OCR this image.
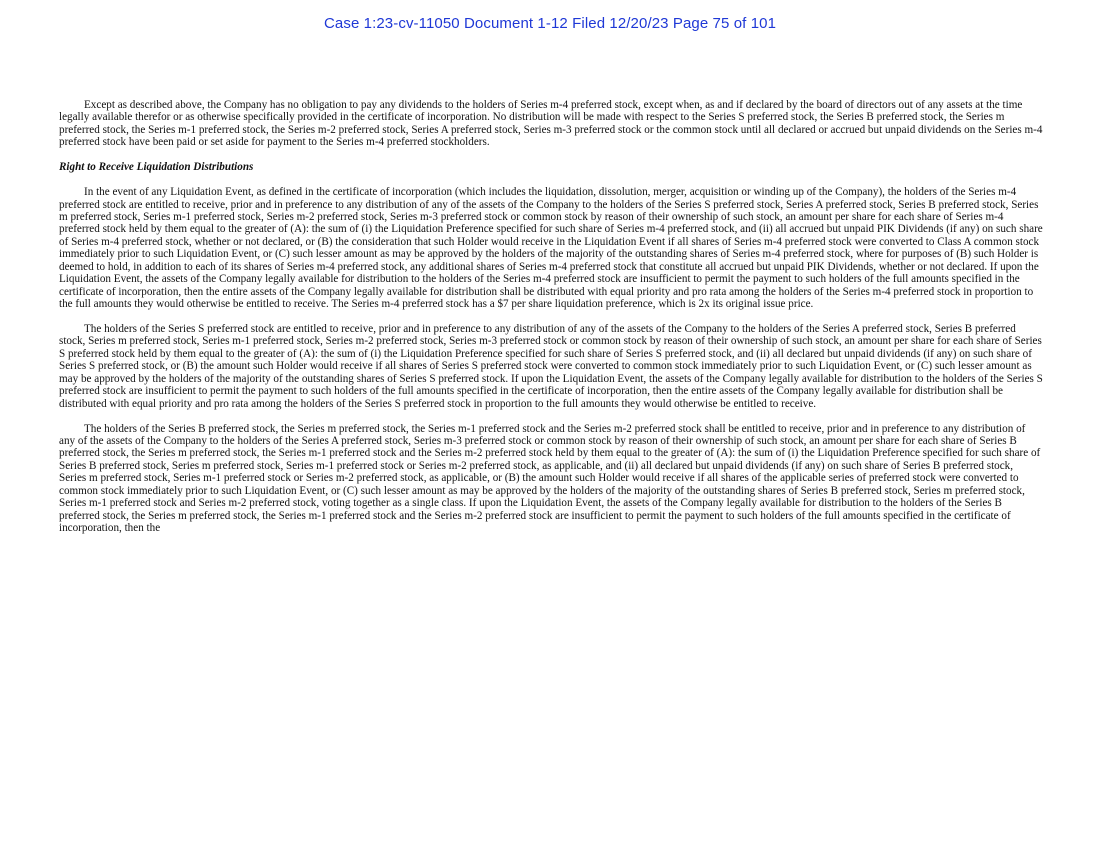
Case 1:23-cv-11050 Document 1-12 Filed 12/20/23 Page 75 of 101

Except as described above, the Company has no obligation to pay any dividends to the holders of Series m-4 preferred stock, except when, as and if declared by the board of directors out of any assets at the time legally available therefor or as otherwise specifically provided in the certificate of incorporation. No distribution will be made with respect to the Series S preferred stock, the Series B preferred stock, the Series m preferred stock, the Series m-1 preferred stock, the Series m-2 preferred stock, Series A preferred stock, Series m-3 preferred stock or the common stock until all declared or accrued but unpaid dividends on the Series m-4 preferred stock have been paid or set aside for payment to the Series m-4 preferred stockholders.

Right to Receive Liquidation Distributions

In the event of any Liquidation Event, as defined in the certificate of incorporation (which includes the liquidation, dissolution, merger, acquisition or winding up of the Company), the holders of the Series m-4 preferred stock are entitled to receive, prior and in preference to any distribution of any of the assets of the Company to the holders of the Series S preferred stock, Series A preferred stock, Series B preferred stock, Series m preferred stock, Series m-1 preferred stock, Series m-2 preferred stock, Series m-3 preferred stock or common stock by reason of their ownership of such stock, an amount per share for each share of Series m-4 preferred stock held by them equal to the greater of (A): the sum of (i) the Liquidation Preference specified for such share of Series m-4 preferred stock, and (ii) all accrued but unpaid PIK Dividends (if any) on such share of Series m-4 preferred stock, whether or not declared, or (B) the consideration that such Holder would receive in the Liquidation Event if all shares of Series m-4 preferred stock were converted to Class A common stock immediately prior to such Liquidation Event, or (C) such lesser amount as may be approved by the holders of the majority of the outstanding shares of Series m-4 preferred stock, where for purposes of (B) such Holder is deemed to hold, in addition to each of its shares of Series m-4 preferred stock, any additional shares of Series m-4 preferred stock that constitute all accrued but unpaid PIK Dividends, whether or not declared. If upon the Liquidation Event, the assets of the Company legally available for distribution to the holders of the Series m-4 preferred stock are insufficient to permit the payment to such holders of the full amounts specified in the certificate of incorporation, then the entire assets of the Company legally available for distribution shall be distributed with equal priority and pro rata among the holders of the Series m-4 preferred stock in proportion to the full amounts they would otherwise be entitled to receive. The Series m-4 preferred stock has a $7 per share liquidation preference, which is 2x its original issue price.

The holders of the Series S preferred stock are entitled to receive, prior and in preference to any distribution of any of the assets of the Company to the holders of the Series A preferred stock, Series B preferred stock, Series m preferred stock, Series m-1 preferred stock, Series m-2 preferred stock, Series m-3 preferred stock or common stock by reason of their ownership of such stock, an amount per share for each share of Series S preferred stock held by them equal to the greater of (A): the sum of (i) the Liquidation Preference specified for such share of Series S preferred stock, and (ii) all declared but unpaid dividends (if any) on such share of Series S preferred stock, or (B) the amount such Holder would receive if all shares of Series S preferred stock were converted to common stock immediately prior to such Liquidation Event, or (C) such lesser amount as may be approved by the holders of the majority of the outstanding shares of Series S preferred stock. If upon the Liquidation Event, the assets of the Company legally available for distribution to the holders of the Series S preferred stock are insufficient to permit the payment to such holders of the full amounts specified in the certificate of incorporation, then the entire assets of the Company legally available for distribution shall be distributed with equal priority and pro rata among the holders of the Series S preferred stock in proportion to the full amounts they would otherwise be entitled to receive.

The holders of the Series B preferred stock, the Series m preferred stock, the Series m-1 preferred stock and the Series m-2 preferred stock shall be entitled to receive, prior and in preference to any distribution of any of the assets of the Company to the holders of the Series A preferred stock, Series m-3 preferred stock or common stock by reason of their ownership of such stock, an amount per share for each share of Series B preferred stock, the Series m preferred stock, the Series m-1 preferred stock and the Series m-2 preferred stock held by them equal to the greater of (A): the sum of (i) the Liquidation Preference specified for such share of Series B preferred stock, Series m preferred stock, Series m-1 preferred stock or Series m-2 preferred stock, as applicable, and (ii) all declared but unpaid dividends (if any) on such share of Series B preferred stock, Series m preferred stock, Series m-1 preferred stock or Series m-2 preferred stock, as applicable, or (B) the amount such Holder would receive if all shares of the applicable series of preferred stock were converted to common stock immediately prior to such Liquidation Event, or (C) such lesser amount as may be approved by the holders of the majority of the outstanding shares of Series B preferred stock, Series m preferred stock, Series m-1 preferred stock and Series m-2 preferred stock, voting together as a single class. If upon the Liquidation Event, the assets of the Company legally available for distribution to the holders of the Series B preferred stock, the Series m preferred stock, the Series m-1 preferred stock and the Series m-2 preferred stock are insufficient to permit the payment to such holders of the full amounts specified in the certificate of incorporation, then the
